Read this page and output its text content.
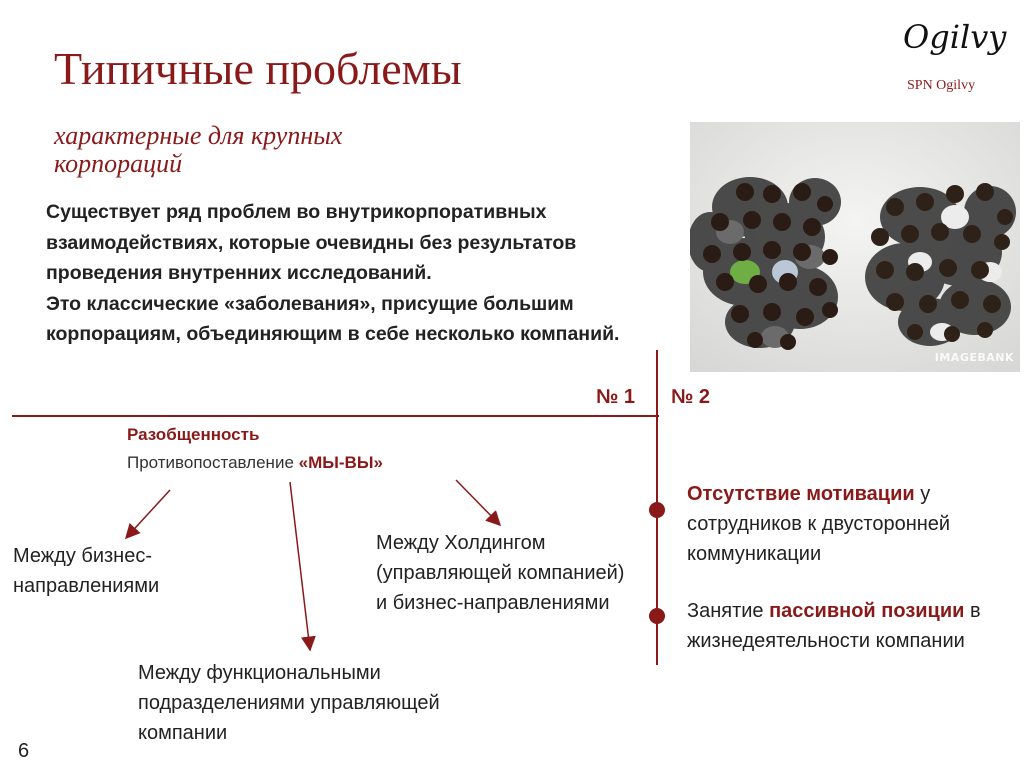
Типичные проблемы
характерные для крупных корпораций
Ogilvy
SPN Ogilvy
Существует ряд проблем во внутрикорпоративных взаимодействиях, которые очевидны без результатов проведения внутренних исследований.
Это классические «заболевания», присущие большим корпорациям, объединяющим в себе несколько компаний.
IMAGEBANK
№ 1 № 2
Разобщенность
Противопоставление «МЫ-ВЫ»
Между бизнес-направлениями
Между Холдингом (управляющей компанией) и бизнес-направлениями
Между функциональными подразделениями управляющей компании
Отсутствие мотивации у сотрудников к двусторонней коммуникации
Занятие пассивной позиции в жизнедеятельности компании
6
